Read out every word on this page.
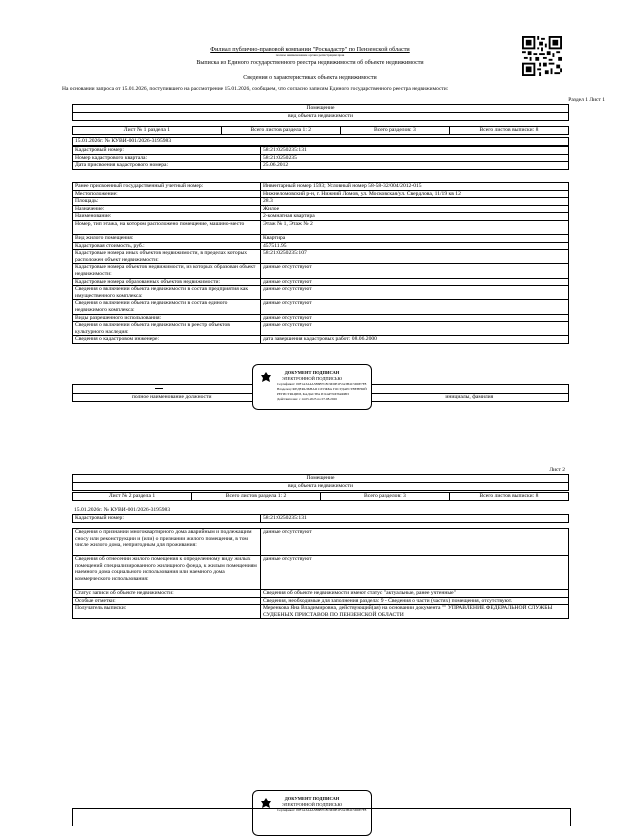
Филиал публично-правовой компании "Роскадастр" по Пензенской области
полное наименование органа регистрации прав
Выписка из Единого государственного реестра недвижимости об объекте недвижимости
Сведения о характеристиках объекта недвижимости
На основании запроса от 15.01.2026, поступившего на рассмотрение 15.01.2026, сообщаем, что согласно записям Единого государственного реестра недвижимости:
Раздел 1 Лист 1
Помещение
вид объекта недвижимости
Лист № 1 раздела 1	Всего листов раздела 1: 2	Всего разделов: 3	Всего листов выписки: 8
15.01.2026г. № КУВИ-001/2026-3195983
Кадастровый номер:	58:21:0250235:131
Номер кадастрового квартала:	58:21:0250235
Дата присвоения кадастрового номера:	25.06.2012
Ранее присвоенный государственный учетный номер:	Инвентарный номер 1593; Условный номер 58-58-32/004/2012-015
Местоположение:	Нижнеломовский р-н, г. Нижний Ломов, ул. Московская/ул. Свердлова, 11/19 кв 12
Площадь:	28.3
Назначение:	Жилое
Наименование:	2-комнатная квартира
Номер, тип этажа, на котором расположено помещение, машино-место	Этаж № 1, Этаж № 2
Вид жилого помещения:	Квартира
Кадастровая стоимость, руб.:	457511.95
Кадастровые номера иных объектов недвижимости, в пределах которых расположен объект недвижимости:	58:21:0250235:107
Кадастровые номера объектов недвижимости, из которых образован объект недвижимости:	данные отсутствуют
Кадастровые номера образованных объектов недвижимости:	данные отсутствуют
Сведения о включении объекта недвижимости в состав предприятия как имущественного комплекса:	данные отсутствуют
Сведения о включении объекта недвижимости в состав единого недвижимого комплекса:	данные отсутствуют
Виды разрешенного использования:	данные отсутствуют
Сведения о включении объекта недвижимости в реестр объектов культурного наследия:	данные отсутствуют
Сведения о кадастровом инженере:	дата завершения кадастровых работ: 08.06.2000

полное наименование должности		инициалы, фамилия
ДОКУМЕНТ ПОДПИСАН
ЭЛЕКТРОННОЙ ПОДПИСЬЮ
Сертификат: 00F1A3A4A5B6B7C8C9D0E1F2A3B4C5D6E7F8
Владелец: ФЕДЕРАЛЬНАЯ СЛУЖБА ГОСУДАРСТВЕННОЙ
РЕГИСТРАЦИИ, КАДАСТРА И КАРТОГРАФИИ
Действителен: с 14.05.2025 по 07.08.2026
Лист 2
Помещение
вид объекта недвижимости
Лист № 2 раздела 1	Всего листов раздела 1: 2	Всего разделов: 3	Всего листов выписки: 8
15.01.2026г. № КУВИ-001/2026-3195983
Кадастровый номер:	58:21:0250235:131
Сведения о признании многоквартирного дома аварийным и подлежащим сносу или реконструкции и (или) о признании жилого помещения, в том числе жилого дома, непригодным для проживания:	данные отсутствуют
Сведения об отнесении жилого помещения к определенному виду жилых помещений специализированного жилищного фонда, к жилым помещениям наемного дома социального использования или наемного дома коммерческого использования:	данные отсутствуют
Статус записи об объекте недвижимости:	Сведения об объекте недвижимости имеют статус "актуальные, ранее учтенные"
Особые отметки:	Сведения, необходимые для заполнения раздела: 9 - Сведения о части (частях) помещения, отсутствуют.
Получатель выписки:	Меренкова Яна Владимировна, действующий(ая) на основании документа "" УПРАВЛЕНИЕ ФЕДЕРАЛЬНОЙ СЛУЖБЫ СУДЕБНЫХ ПРИСТАВОВ ПО ПЕНЗЕНСКОЙ ОБЛАСТИ
ДОКУМЕНТ ПОДПИСАН
ЭЛЕКТРОННОЙ ПОДПИСЬЮ
Сертификат: 00F1A3A4A5B6B7C8C9D0E1F2A3B4C5D6E7F8
